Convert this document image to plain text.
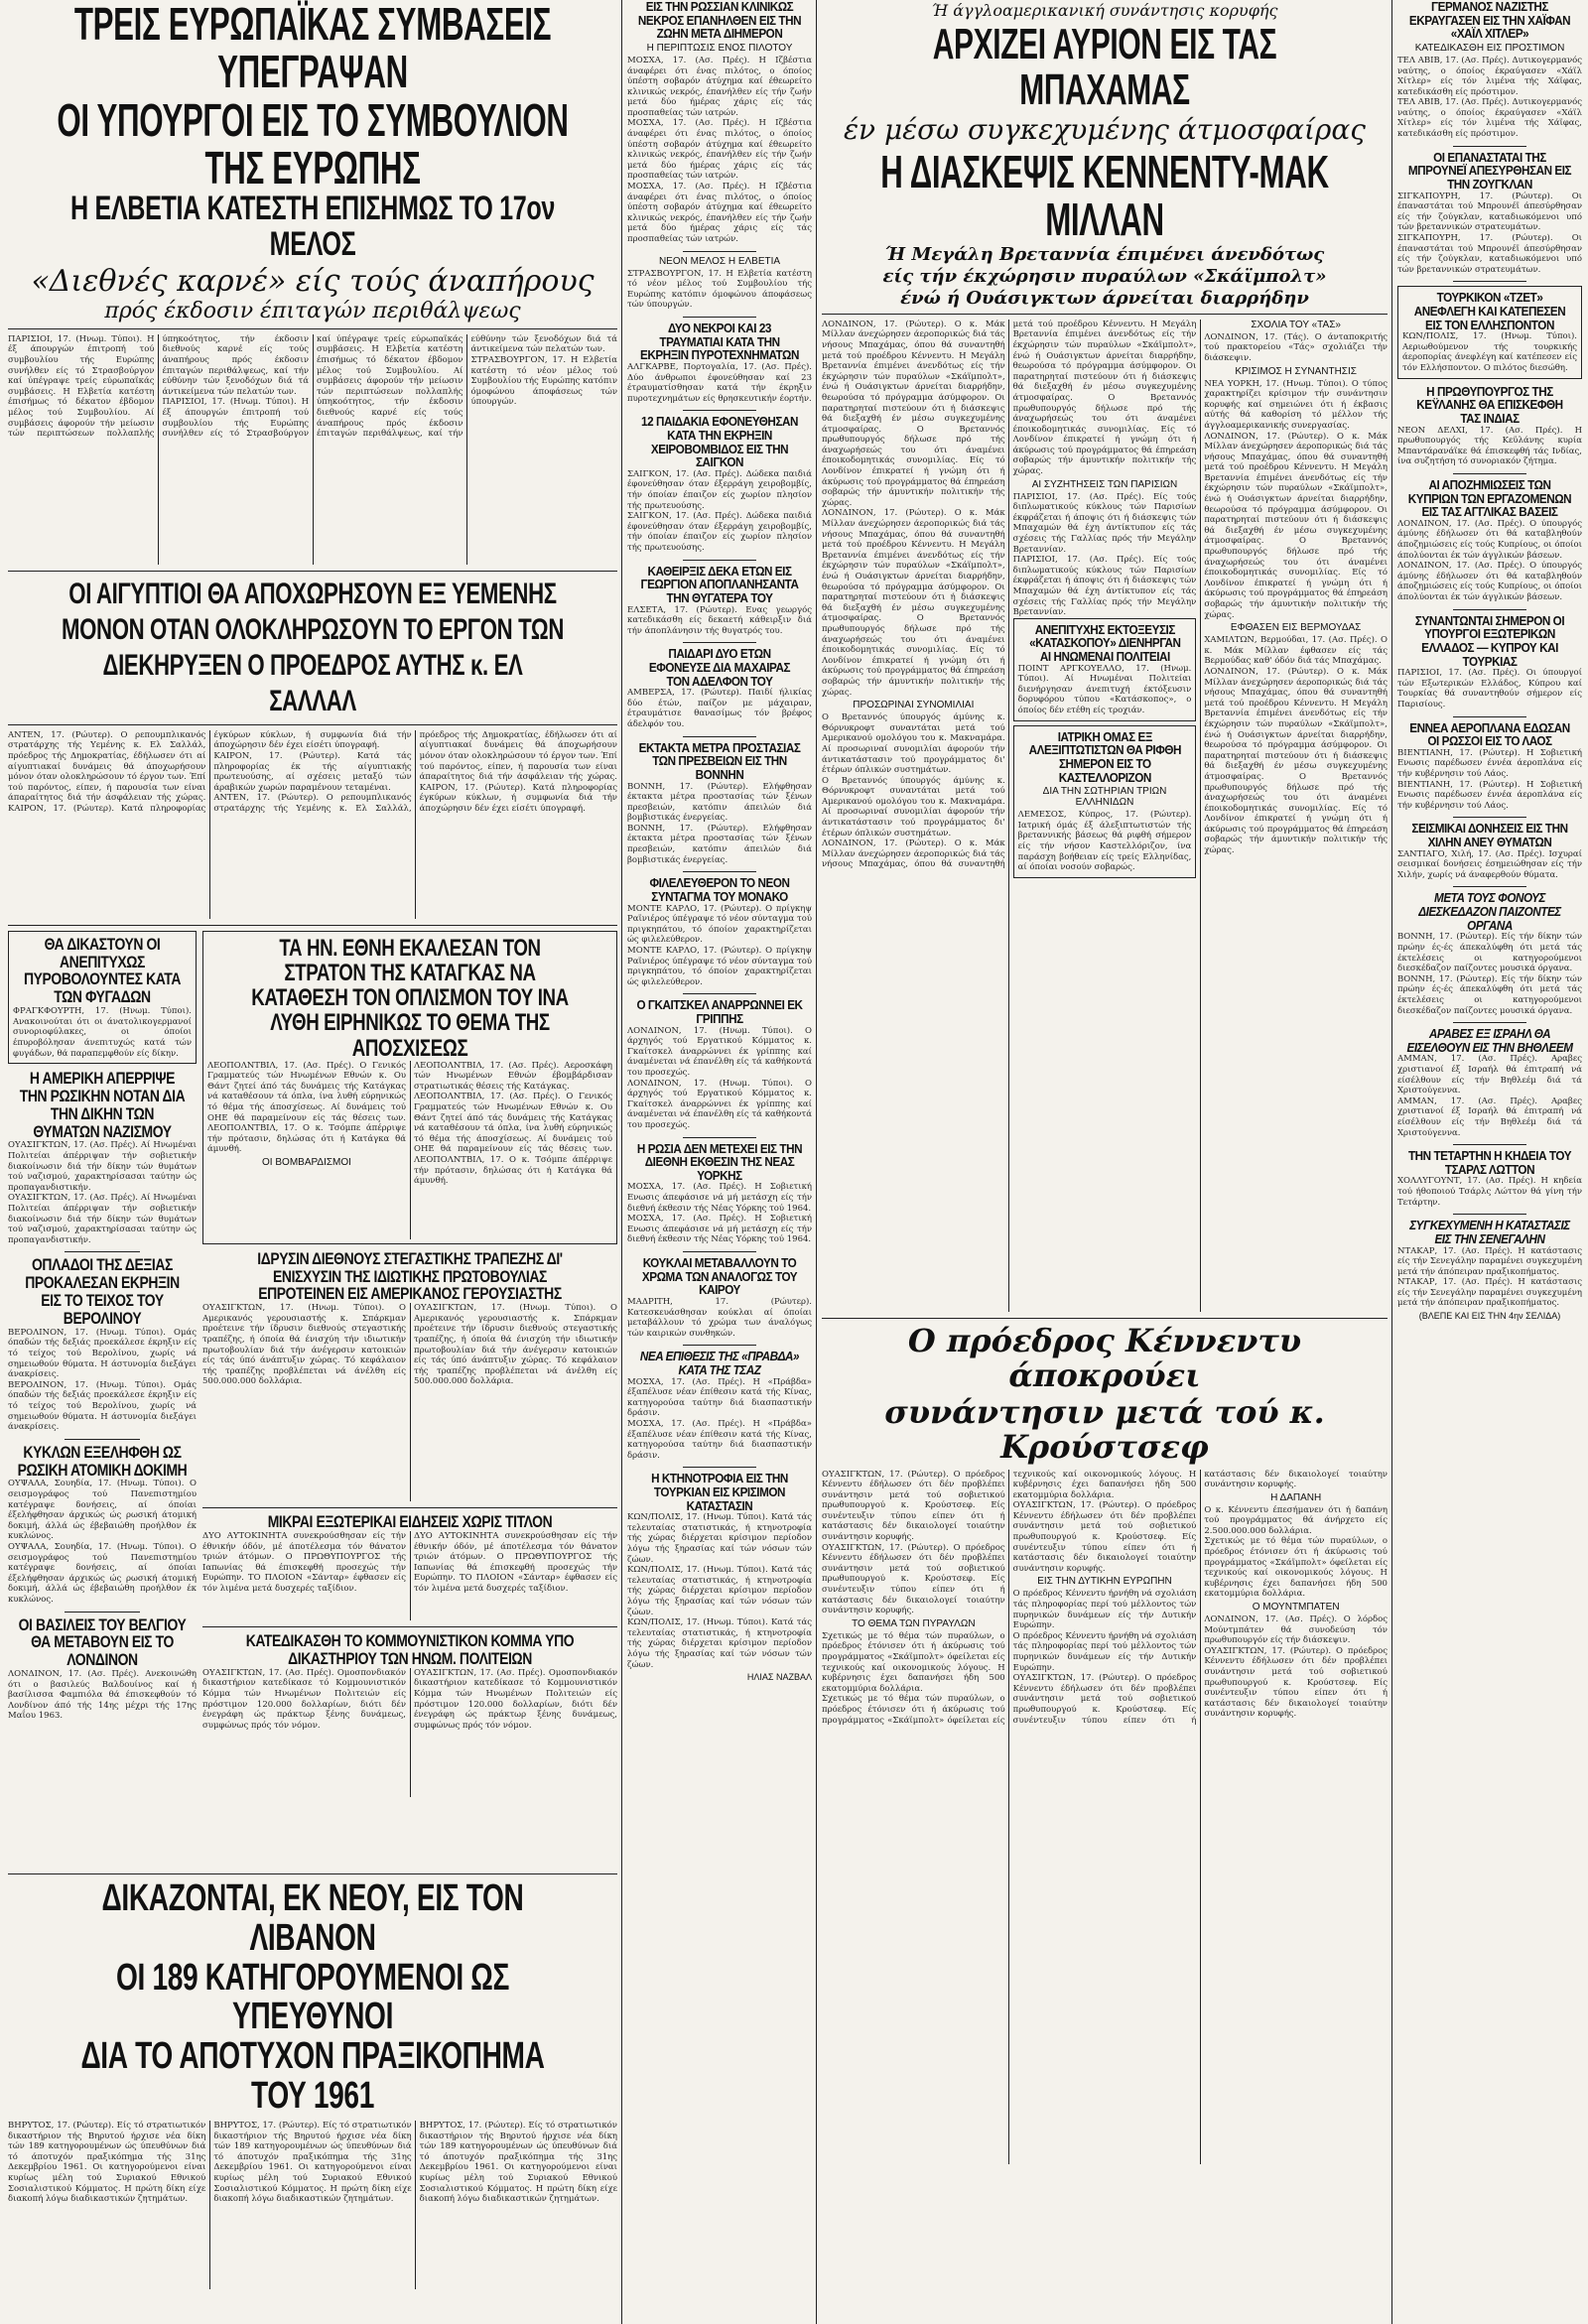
ΤΡΕΙΣ ΕΥΡΩΠΑΪΚΑΣ ΣΥΜΒΑΣΕΙΣ ΥΠΕΓΡΑΨΑΝ
ΟΙ ΥΠΟΥΡΓΟΙ ΕΙΣ ΤΟ ΣΥΜΒΟΥΛΙΟΝ ΤΗΣ ΕΥΡΩΠΗΣ
Η ΕΛΒΕΤΙΑ ΚΑΤΕΣΤΗ ΕΠΙΣΗΜΩΣ ΤΟ 17ον ΜΕΛΟΣ
«Διεθνές καρνέ» είς τούς άναπήρους
πρός έκδοσιν έπιταγών περιθάλψεως

ΠΑΡΙΣΙΟΙ, 17. (Ηνωμ. Τύποι). Η έξ άπουργών έπιτροπή τού συμβουλίου τής Ευρώπης συνήλθεν είς τό Στρασβούργον καί ύπέγραψε τρείς εύρωπαϊκάς συμβάσεις. Η Ελβετία κατέστη έπισήμως τό δέκατον έβδομον μέλος τού Συμβουλίου. Αί συμβάσεις άφορούν τήν μείωσιν τών περιπτώσεων πολλαπλής ύπηκοότητος, τήν έκδοσιν διεθνούς καρνέ είς τούς άναπήρους πρός έκδοσιν έπιταγών περιθάλψεως, καί τήν εύθύνην τών ξενοδόχων διά τά άντικείμενα τών πελατών των.

ΠΑΡΙΣΙΟΙ, 17. (Ηνωμ. Τύποι). Η έξ άπουργών έπιτροπή τού συμβουλίου τής Ευρώπης συνήλθεν είς τό Στρασβούργον καί ύπέγραψε τρείς εύρωπαϊκάς συμβάσεις. Η Ελβετία κατέστη έπισήμως τό δέκατον έβδομον μέλος τού Συμβουλίου. Αί συμβάσεις άφορούν τήν μείωσιν τών περιπτώσεων πολλαπλής ύπηκοότητος, τήν έκδοσιν διεθνούς καρνέ είς τούς άναπήρους πρός έκδοσιν έπιταγών περιθάλψεως, καί τήν εύθύνην τών ξενοδόχων διά τά άντικείμενα τών πελατών των.

ΣΤΡΑΣΒΟΥΡΓΟΝ, 17. Η Ελβετία κατέστη τό νέον μέλος τού Συμβουλίου τής Ευρώπης κατόπιν όμοφώνου άποφάσεως τών ύπουργών.

ΟΙ ΑΙΓΥΠΤΙΟΙ ΘΑ ΑΠΟΧΩΡΗΣΟΥΝ ΕΞ ΥΕΜΕΝΗΣ ΜΟΝΟΝ ΟΤΑΝ ΟΛΟΚΛΗΡΩΣΟΥΝ ΤΟ ΕΡΓΟΝ ΤΩΝ ΔΙΕΚΗΡΥΞΕΝ Ο ΠΡΟΕΔΡΟΣ ΑΥΤΗΣ κ. ΕΛ ΣΑΛΛΑΛ

ΑΝΤΕΝ, 17. (Ρώυτερ). Ο ρεπουμπλικανός στρατάρχης τής Υεμένης κ. Ελ Σαλλάλ, πρόεδρος τής Δημοκρατίας, έδήλωσεν ότι αί αίγυπτιακαί δυνάμεις θά άποχωρήσουν μόνον όταν ολοκληρώσουν τό έργον των. Έπί τού παρόντος, είπεν, ή παρουσία των είναι άπαραίτητος διά τήν άσφάλειαν τής χώρας. ΚΑΙΡΟΝ, 17. (Ρώυτερ). Κατά πληροφορίας έγκύρων κύκλων, ή συμφωνία διά τήν άποχώρησιν δέν έχει είσέτι ύπογραφή.

ΚΑΙΡΟΝ, 17. (Ρώυτερ). Κατά τάς πληροφορίας έκ τής αίγυπτιακής πρωτευούσης, αί σχέσεις μεταξύ τών άραβικών χωρών παραμένουν τεταμέναι.

ΑΝΤΕΝ, 17. (Ρώυτερ). Ο ρεπουμπλικανός στρατάρχης τής Υεμένης κ. Ελ Σαλλάλ, πρόεδρος τής Δημοκρατίας, έδήλωσεν ότι αί αίγυπτιακαί δυνάμεις θά άποχωρήσουν μόνον όταν ολοκληρώσουν τό έργον των. Έπί τού παρόντος, είπεν, ή παρουσία των είναι άπαραίτητος διά τήν άσφάλειαν τής χώρας. ΚΑΙΡΟΝ, 17. (Ρώυτερ). Κατά πληροφορίας έγκύρων κύκλων, ή συμφωνία διά τήν άποχώρησιν δέν έχει είσέτι ύπογραφή.

ΘΑ ΔΙΚΑΣΤΟΥΝ ΟΙ ΑΝΕΠΙΤΥΧΩΣ ΠΥΡΟΒΟΛΟΥΝΤΕΣ ΚΑΤΑ ΤΩΝ ΦΥΓΑΔΩΝ

ΦΡΑΓΚΦΟΥΡΤΗ, 17. (Ηνωμ. Τύποι). Ανακοινούται ότι οι άνατολικογερμανοί συνοριοφύλακες, οι όποίοι έπυροβόλησαν άνεπιτυχώς κατά τών φυγάδων, θά παραπεμφθούν είς δίκην.

Η ΑΜΕΡΙΚΗ ΑΠΕΡΡΙΨΕ ΤΗΝ ΡΩΣΙΚΗΝ ΝΟΤΑΝ ΔΙΑ ΤΗΝ ΔΙΚΗΝ ΤΩΝ ΘΥΜΑΤΩΝ ΝΑΖΙΣΜΟΥ

ΟΥΑΣΙΓΚΤΩΝ, 17. (Ασ. Πρές). Αί Ηνωμέναι Πολιτείαι άπέρριψαν τήν σοβιετικήν διακοίνωσιν διά τήν δίκην τών θυμάτων τού ναζισμού, χαρακτηρίσασαι ταύτην ώς προπαγανδιστικήν.

ΟΥΑΣΙΓΚΤΩΝ, 17. (Ασ. Πρές). Αί Ηνωμέναι Πολιτείαι άπέρριψαν τήν σοβιετικήν διακοίνωσιν διά τήν δίκην τών θυμάτων τού ναζισμού, χαρακτηρίσασαι ταύτην ώς προπαγανδιστικήν.

ΟΠΛΑΔΟΙ ΤΗΣ ΔΕΞΙΑΣ ΠΡΟΚΑΛΕΣΑΝ ΕΚΡΗΞΙΝ ΕΙΣ ΤΟ ΤΕΙΧΟΣ ΤΟΥ ΒΕΡΟΛΙΝΟΥ

ΒΕΡΟΛΙΝΟΝ, 17. (Ηνωμ. Τύποι). Ομάς όπαδών τής δεξιάς προεκάλεσε έκρηξιν είς τό τείχος τού Βερολίνου, χωρίς νά σημειωθούν θύματα. Η άστυνομία διεξάγει άνακρίσεις.

ΒΕΡΟΛΙΝΟΝ, 17. (Ηνωμ. Τύποι). Ομάς όπαδών τής δεξιάς προεκάλεσε έκρηξιν είς τό τείχος τού Βερολίνου, χωρίς νά σημειωθούν θύματα. Η άστυνομία διεξάγει άνακρίσεις.

ΚΥΚΛΩΝ ΕΞΕΛΗΦΘΗ ΩΣ ΡΩΣΙΚΗ ΑΤΟΜΙΚΗ ΔΟΚΙΜΗ

ΟΥΨΑΛΑ, Σουηδία, 17. (Ηνωμ. Τύποι). Ο σεισμογράφος τού Πανεπιστημίου κατέγραψε δονήσεις, αί όποίαι έξελήφθησαν άρχικώς ώς ρωσική άτομική δοκιμή, άλλά ώς έβεβαιώθη προήλθον έκ κυκλώνος.

ΟΥΨΑΛΑ, Σουηδία, 17. (Ηνωμ. Τύποι). Ο σεισμογράφος τού Πανεπιστημίου κατέγραψε δονήσεις, αί όποίαι έξελήφθησαν άρχικώς ώς ρωσική άτομική δοκιμή, άλλά ώς έβεβαιώθη προήλθον έκ κυκλώνος.

ΟΙ ΒΑΣΙΛΕΙΣ ΤΟΥ ΒΕΛΓΙΟΥ ΘΑ ΜΕΤΑΒΟΥΝ ΕΙΣ ΤΟ ΛΟΝΔΙΝΟΝ

ΛΟΝΔΙΝΟΝ, 17. (Ασ. Πρές). Ανεκοινώθη ότι ο βασιλεύς Βαλδουίνος καί ή βασίλισσα Φαμπιόλα θά έπισκεφθούν τό Λονδίνον άπό τής 14ης μέχρι τής 17ης Μαΐου 1963.

ΤΑ ΗΝ. ΕΘΝΗ ΕΚΑΛΕΣΑΝ ΤΟΝ ΣΤΡΑΤΟΝ ΤΗΣ ΚΑΤΑΓΚΑΣ ΝΑ ΚΑΤΑΘΕΣΗ ΤΟΝ ΟΠΛΙΣΜΟΝ ΤΟΥ ΙΝΑ ΛΥΘΗ ΕΙΡΗΝΙΚΩΣ ΤΟ ΘΕΜΑ ΤΗΣ ΑΠΟΣΧΙΣΕΩΣ

ΛΕΟΠΟΛΝΤΒΙΛ, 17. (Ασ. Πρές). Ο Γενικός Γραμματεύς τών Ηνωμένων Εθνών κ. Ου Θάντ ζητεί άπό τάς δυνάμεις τής Κατάγκας νά καταθέσουν τά όπλα, ίνα λυθή εύρηνικώς τό θέμα τής άποσχίσεως. Αί δυνάμεις τού ΟΗΕ θά παραμείνουν είς τάς θέσεις των. ΛΕΟΠΟΛΝΤΒΙΛ, 17. Ο κ. Τσόμπε άπέρριψε τήν πρότασιν, δηλώσας ότι ή Κατάγκα θά άμυνθή.

ΟΙ ΒΟΜΒΑΡΔΙΣΜΟΙ

ΛΕΟΠΟΛΝΤΒΙΛ, 17. (Ασ. Πρές). Αεροσκάφη τών Ηνωμένων Εθνών έβομβάρδισαν στρατιωτικάς θέσεις τής Κατάγκας.

ΛΕΟΠΟΛΝΤΒΙΛ, 17. (Ασ. Πρές). Ο Γενικός Γραμματεύς τών Ηνωμένων Εθνών κ. Ου Θάντ ζητεί άπό τάς δυνάμεις τής Κατάγκας νά καταθέσουν τά όπλα, ίνα λυθή εύρηνικώς τό θέμα τής άποσχίσεως. Αί δυνάμεις τού ΟΗΕ θά παραμείνουν είς τάς θέσεις των. ΛΕΟΠΟΛΝΤΒΙΛ, 17. Ο κ. Τσόμπε άπέρριψε τήν πρότασιν, δηλώσας ότι ή Κατάγκα θά άμυνθή.

ΙΔΡΥΣΙΝ ΔΙΕΘΝΟΥΣ ΣΤΕΓΑΣΤΙΚΗΣ ΤΡΑΠΕΖΗΣ ΔΙ' ΕΝΙΣΧΥΣΙΝ ΤΗΣ ΙΔΙΩΤΙΚΗΣ ΠΡΩΤΟΒΟΥΛΙΑΣ ΕΠΡΟΤΕΙΝΕΝ ΕΙΣ ΑΜΕΡΙΚΑΝΟΣ ΓΕΡΟΥΣΙΑΣΤΗΣ

ΟΥΑΣΙΓΚΤΩΝ, 17. (Ηνωμ. Τύποι). Ο Αμερικανός γερουσιαστής κ. Σπάρκμαν προέτεινε τήν ίδρυσιν διεθνούς στεγαστικής τραπέζης, ή όποία θά ένισχύη τήν ιδιωτικήν πρωτοβουλίαν διά τήν άνέγερσιν κατοικιών είς τάς ύπό άνάπτυξιν χώρας. Τό κεφάλαιον τής τραπέζης προβλέπεται νά άνέλθη είς 500.000.000 δολλάρια.

ΟΥΑΣΙΓΚΤΩΝ, 17. (Ηνωμ. Τύποι). Ο Αμερικανός γερουσιαστής κ. Σπάρκμαν προέτεινε τήν ίδρυσιν διεθνούς στεγαστικής τραπέζης, ή όποία θά ένισχύη τήν ιδιωτικήν πρωτοβουλίαν διά τήν άνέγερσιν κατοικιών είς τάς ύπό άνάπτυξιν χώρας. Τό κεφάλαιον τής τραπέζης προβλέπεται νά άνέλθη είς 500.000.000 δολλάρια.

ΜΙΚΡΑΙ ΕΞΩΤΕΡΙΚΑΙ ΕΙΔΗΣΕΙΣ ΧΩΡΙΣ ΤΙΤΛΟΝ

ΔΥΟ ΑΥΤΟΚΙΝΗΤΑ συνεκρούσθησαν είς τήν έθνικήν όδόν, μέ άποτέλεσμα τόν θάνατον τριών άτόμων. Ο ΠΡΩΘΥΠΟΥΡΓΟΣ τής Ιαπωνίας θά έπισκεφθή προσεχώς τήν Ευρώπην. ΤΟ ΠΛΟΙΟΝ «Σάνταρ» έφθασεν είς τόν λιμένα μετά δυσχερές ταξίδιον.

ΔΥΟ ΑΥΤΟΚΙΝΗΤΑ συνεκρούσθησαν είς τήν έθνικήν όδόν, μέ άποτέλεσμα τόν θάνατον τριών άτόμων. Ο ΠΡΩΘΥΠΟΥΡΓΟΣ τής Ιαπωνίας θά έπισκεφθή προσεχώς τήν Ευρώπην. ΤΟ ΠΛΟΙΟΝ «Σάνταρ» έφθασεν είς τόν λιμένα μετά δυσχερές ταξίδιον.

ΚΑΤΕΔΙΚΑΣΘΗ ΤΟ ΚΟΜΜΟΥΝΙΣΤΙΚΟΝ ΚΟΜΜΑ ΥΠΟ ΔΙΚΑΣΤΗΡΙΟΥ ΤΩΝ ΗΝΩΜ. ΠΟΛΙΤΕΙΩΝ

ΟΥΑΣΙΓΚΤΩΝ, 17. (Ασ. Πρές). Ομοσπονδιακόν δικαστήριον κατεδίκασε τό Κομμουνιστικόν Κόμμα τών Ηνωμένων Πολιτειών είς πρόστιμον 120.000 δολλαρίων, διότι δέν ένεγράφη ώς πράκτωρ ξένης δυνάμεως, συμφώνως πρός τόν νόμον.

ΟΥΑΣΙΓΚΤΩΝ, 17. (Ασ. Πρές). Ομοσπονδιακόν δικαστήριον κατεδίκασε τό Κομμουνιστικόν Κόμμα τών Ηνωμένων Πολιτειών είς πρόστιμον 120.000 δολλαρίων, διότι δέν ένεγράφη ώς πράκτωρ ξένης δυνάμεως, συμφώνως πρός τόν νόμον.

ΔΙΚΑΖΟΝΤΑΙ, ΕΚ ΝΕΟΥ, ΕΙΣ ΤΟΝ ΛΙΒΑΝΟΝ
ΟΙ 189 ΚΑΤΗΓΟΡΟΥΜΕΝΟΙ ΩΣ ΥΠΕΥΘΥΝΟΙ
ΔΙΑ ΤΟ ΑΠΟΤΥΧΟΝ ΠΡΑΞΙΚΟΠΗΜΑ ΤΟΥ 1961

ΒΗΡΥΤΟΣ, 17. (Ρώυτερ). Είς τό στρατιωτικόν δικαστήριον τής Βηρυτού ήρχισε νέα δίκη τών 189 κατηγορουμένων ώς ύπευθύνων διά τό άποτυχόν πραξικόπημα τής 31ης Δεκεμβρίου 1961. Οι κατηγορούμενοι είναι κυρίως μέλη τού Συριακού Εθνικού Σοσιαλιστικού Κόμματος. Η πρώτη δίκη είχε διακοπή λόγω διαδικαστικών ζητημάτων.

ΒΗΡΥΤΟΣ, 17. (Ρώυτερ). Είς τό στρατιωτικόν δικαστήριον τής Βηρυτού ήρχισε νέα δίκη τών 189 κατηγορουμένων ώς ύπευθύνων διά τό άποτυχόν πραξικόπημα τής 31ης Δεκεμβρίου 1961. Οι κατηγορούμενοι είναι κυρίως μέλη τού Συριακού Εθνικού Σοσιαλιστικού Κόμματος. Η πρώτη δίκη είχε διακοπή λόγω διαδικαστικών ζητημάτων.

ΒΗΡΥΤΟΣ, 17. (Ρώυτερ). Είς τό στρατιωτικόν δικαστήριον τής Βηρυτού ήρχισε νέα δίκη τών 189 κατηγορουμένων ώς ύπευθύνων διά τό άποτυχόν πραξικόπημα τής 31ης Δεκεμβρίου 1961. Οι κατηγορούμενοι είναι κυρίως μέλη τού Συριακού Εθνικού Σοσιαλιστικού Κόμματος. Η πρώτη δίκη είχε διακοπή λόγω διαδικαστικών ζητημάτων.

ΕΙΣ ΤΗΝ ΡΩΣΣΙΑΝ ΚΛΙΝΙΚΩΣ ΝΕΚΡΟΣ ΕΠΑΝΗΛΘΕΝ ΕΙΣ ΤΗΝ ΖΩΗΝ ΜΕΤΑ ΔΙΗΜΕΡΟΝ
Η ΠΕΡΙΠΤΩΣΙΣ ΕΝΟΣ ΠΙΛΟΤΟΥ

ΜΟΣΧΑ, 17. (Ασ. Πρές). Η Ιζβέστια άναφέρει ότι ένας πιλότος, ο όποίος ύπέστη σοβαρόν άτύχημα καί έθεωρείτο κλινικώς νεκρός, έπανήλθεν είς τήν ζωήν μετά δύο ήμέρας χάρις είς τάς προσπαθείας τών ιατρών.

ΜΟΣΧΑ, 17. (Ασ. Πρές). Η Ιζβέστια άναφέρει ότι ένας πιλότος, ο όποίος ύπέστη σοβαρόν άτύχημα καί έθεωρείτο κλινικώς νεκρός, έπανήλθεν είς τήν ζωήν μετά δύο ήμέρας χάρις είς τάς προσπαθείας τών ιατρών.

ΜΟΣΧΑ, 17. (Ασ. Πρές). Η Ιζβέστια άναφέρει ότι ένας πιλότος, ο όποίος ύπέστη σοβαρόν άτύχημα καί έθεωρείτο κλινικώς νεκρός, έπανήλθεν είς τήν ζωήν μετά δύο ήμέρας χάρις είς τάς προσπαθείας τών ιατρών.

ΝΕΟΝ ΜΕΛΟΣ Η ΕΛΒΕΤΙΑ

ΣΤΡΑΣΒΟΥΡΓΟΝ, 17. Η Ελβετία κατέστη τό νέον μέλος τού Συμβουλίου τής Ευρώπης κατόπιν όμοφώνου άποφάσεως τών ύπουργών.

ΔΥΟ ΝΕΚΡΟΙ ΚΑΙ 23 ΤΡΑΥΜΑΤΙΑΙ ΚΑΤΑ ΤΗΝ ΕΚΡΗΞΙΝ ΠΥΡΟΤΕΧΝΗΜΑΤΩΝ

ΑΛΓΚΑΡΒΕ, Πορτογαλία, 17. (Ασ. Πρές). Δύο άνθρωποι έφονεύθησαν καί 23 έτραυματίσθησαν κατά τήν έκρηξιν πυροτεχνημάτων είς θρησκευτικήν έορτήν.

12 ΠΑΙΔΑΚΙΑ ΕΦΟΝΕΥΘΗΣΑΝ ΚΑΤΑ ΤΗΝ ΕΚΡΗΞΙΝ ΧΕΙΡΟΒΟΜΒΙΔΟΣ ΕΙΣ ΤΗΝ ΣΑΙΓΚΟΝ

ΣΑΙΓΚΟΝ, 17. (Ασ. Πρές). Δώδεκα παιδιά έφονεύθησαν όταν έξερράγη χειροβομβίς, τήν όποίαν έπαιζον είς χωρίον πλησίον τής πρωτευούσης.

ΣΑΙΓΚΟΝ, 17. (Ασ. Πρές). Δώδεκα παιδιά έφονεύθησαν όταν έξερράγη χειροβομβίς, τήν όποίαν έπαιζον είς χωρίον πλησίον τής πρωτευούσης.

ΚΑΘΕΙΡΞΙΣ ΔΕΚΑ ΕΤΩΝ ΕΙΣ ΓΕΩΡΓΙΟΝ ΑΠΟΠΛΑΝΗΣΑΝΤΑ ΤΗΝ ΘΥΓΑΤΕΡΑ ΤΟΥ

ΕΛΣΕΤΑ, 17. (Ρώυτερ). Ενας γεωργός κατεδικάσθη είς δεκαετή κάθειρξιν διά τήν άποπλάνησιν τής θυγατρός του.

ΠΑΙΔΑΡΙ ΔΥΟ ΕΤΩΝ ΕΦΟΝΕΥΣΕ ΔΙΑ ΜΑΧΑΙΡΑΣ ΤΟΝ ΑΔΕΛΦΟΝ ΤΟΥ

ΑΜΒΕΡΣΑ, 17. (Ρώυτερ). Παιδί ήλικίας δύο έτών, παίζον με μάχαιραν, έτραυμάτισε θανασίμως τόν βρέφος άδελφόν του.

ΕΚΤΑΚΤΑ ΜΕΤΡΑ ΠΡΟΣΤΑΣΙΑΣ ΤΩΝ ΠΡΕΣΒΕΙΩΝ ΕΙΣ ΤΗΝ ΒΟΝΝΗΝ

ΒΟΝΝΗ, 17. (Ρώυτερ). Ελήφθησαν έκτακτα μέτρα προστασίας τών ξένων πρεσβειών, κατόπιν άπειλών διά βομβιστικάς ένεργείας.

ΒΟΝΝΗ, 17. (Ρώυτερ). Ελήφθησαν έκτακτα μέτρα προστασίας τών ξένων πρεσβειών, κατόπιν άπειλών διά βομβιστικάς ένεργείας.

ΦΙΛΕΛΕΥΘΕΡΟΝ ΤΟ ΝΕΟΝ ΣΥΝΤΑΓΜΑ ΤΟΥ ΜΟΝΑΚΟ

ΜΟΝΤΕ ΚΑΡΛΟ, 17. (Ρώυτερ). Ο πρίγκηψ Ραϊνιέρος ύπέγραψε τό νέον σύνταγμα τού πριγκηπάτου, τό όποίον χαρακτηρίζεται ώς φιλελεύθερον.

ΜΟΝΤΕ ΚΑΡΛΟ, 17. (Ρώυτερ). Ο πρίγκηψ Ραϊνιέρος ύπέγραψε τό νέον σύνταγμα τού πριγκηπάτου, τό όποίον χαρακτηρίζεται ώς φιλελεύθερον.

Ο ΓΚΑΙΤΣΚΕΛ ΑΝΑΡΡΩΝΝΕΙ ΕΚ ΓΡΙΠΠΗΣ

ΛΟΝΔΙΝΟΝ, 17. (Ηνωμ. Τύποι). Ο άρχηγός τού Εργατικού Κόμματος κ. Γκαίτσκελ άναρρώννει έκ γρίππης καί άναμένεται νά έπανέλθη είς τά καθήκοντά του προσεχώς.

ΛΟΝΔΙΝΟΝ, 17. (Ηνωμ. Τύποι). Ο άρχηγός τού Εργατικού Κόμματος κ. Γκαίτσκελ άναρρώννει έκ γρίππης καί άναμένεται νά έπανέλθη είς τά καθήκοντά του προσεχώς.

Η ΡΩΣΙΑ ΔΕΝ ΜΕΤΕΧΕΙ ΕΙΣ ΤΗΝ ΔΙΕΘΝΗ ΕΚΘΕΣΙΝ ΤΗΣ ΝΕΑΣ ΥΟΡΚΗΣ

ΜΟΣΧΑ, 17. (Ασ. Πρές). Η Σοβιετική Ενωσις άπεφάσισε νά μή μετάσχη είς τήν διεθνή έκθεσιν τής Νέας Υόρκης τού 1964.

ΜΟΣΧΑ, 17. (Ασ. Πρές). Η Σοβιετική Ενωσις άπεφάσισε νά μή μετάσχη είς τήν διεθνή έκθεσιν τής Νέας Υόρκης τού 1964.

ΚΟΥΚΛΑΙ ΜΕΤΑΒΑΛΛΟΥΝ ΤΟ ΧΡΩΜΑ ΤΩΝ ΑΝΑΛΟΓΩΣ ΤΟΥ ΚΑΙΡΟΥ

ΜΑΔΡΙΤΗ, 17. (Ρώυτερ). Κατεσκευάσθησαν κούκλαι αί όποίαι μεταβάλλουν τό χρώμα των άναλόγως τών καιρικών συνθηκών.

ΝΕΑ ΕΠΙΘΕΣΙΣ ΤΗΣ «ΠΡΑΒΔΑ» ΚΑΤΑ ΤΗΣ ΤΣΑΖ

ΜΟΣΧΑ, 17. (Ασ. Πρές). Η «Πράβδα» έξαπέλυσε νέαν έπίθεσιν κατά τής Κίνας, κατηγορούσα ταύτην διά διασπαστικήν δράσιν.

ΜΟΣΧΑ, 17. (Ασ. Πρές). Η «Πράβδα» έξαπέλυσε νέαν έπίθεσιν κατά τής Κίνας, κατηγορούσα ταύτην διά διασπαστικήν δράσιν.

Η ΚΤΗΝΟΤΡΟΦΙΑ ΕΙΣ ΤΗΝ ΤΟΥΡΚΙΑΝ ΕΙΣ ΚΡΙΣΙΜΟΝ ΚΑΤΑΣΤΑΣΙΝ

ΚΩΝ/ΠΟΛΙΣ, 17. (Ηνωμ. Τύποι). Κατά τάς τελευταίας στατιστικάς, ή κτηνοτροφία τής χώρας διέρχεται κρίσιμον περίοδον λόγω τής ξηρασίας καί τών νόσων τών ζώων.

ΚΩΝ/ΠΟΛΙΣ, 17. (Ηνωμ. Τύποι). Κατά τάς τελευταίας στατιστικάς, ή κτηνοτροφία τής χώρας διέρχεται κρίσιμον περίοδον λόγω τής ξηρασίας καί τών νόσων τών ζώων.

ΚΩΝ/ΠΟΛΙΣ, 17. (Ηνωμ. Τύποι). Κατά τάς τελευταίας στατιστικάς, ή κτηνοτροφία τής χώρας διέρχεται κρίσιμον περίοδον λόγω τής ξηρασίας καί τών νόσων τών ζώων.

ΗΛΙΑΣ ΝΑΖΒΑΛ
Ή άγγλοαμερικανική συνάντησις κορυφής
ΑΡΧΙΖΕΙ ΑΥΡΙΟΝ ΕΙΣ ΤΑΣ ΜΠΑΧΑΜΑΣ
έν μέσω συγκεχυμένης άτμοσφαίρας
Η ΔΙΑΣΚΕΨΙΣ ΚΕΝΝΕΝΤΥ-ΜΑΚ ΜΙΛΛΑΝ
Ή Μεγάλη Βρεταννία έπιμένει άνενδότως
είς τήν έκχώρησιν πυραύλων «Σκάϊμπολτ»
ένώ ή Ουάσιγκτων άρνείται διαρρήδην

ΛΟΝΔΙΝΟΝ, 17. (Ρώυτερ). Ο κ. Μάκ Μίλλαν άνεχώρησεν άεροπορικώς διά τάς νήσους Μπαχάμας, όπου θά συναντηθή μετά τού προέδρου Κέννεντυ. Η Μεγάλη Βρεταννία έπιμένει άνενδότως είς τήν έκχώρησιν τών πυραύλων «Σκάϊμπολτ», ένώ ή Ουάσιγκτων άρνείται διαρρήδην, θεωρούσα τό πρόγραμμα άσύμφορον. Οι παρατηρηταί πιστεύουν ότι ή διάσκεψις θά διεξαχθή έν μέσω συγκεχυμένης άτμοσφαίρας. Ο Βρεταννός πρωθυπουργός δήλωσε πρό τής άναχωρήσεώς του ότι άναμένει έποικοδομητικάς συνομιλίας. Είς τό Λονδίνον έπικρατεί ή γνώμη ότι ή άκύρωσις τού προγράμματος θά έπηρεάση σοβαρώς τήν άμυντικήν πολιτικήν τής χώρας.

ΛΟΝΔΙΝΟΝ, 17. (Ρώυτερ). Ο κ. Μάκ Μίλλαν άνεχώρησεν άεροπορικώς διά τάς νήσους Μπαχάμας, όπου θά συναντηθή μετά τού προέδρου Κέννεντυ. Η Μεγάλη Βρεταννία έπιμένει άνενδότως είς τήν έκχώρησιν τών πυραύλων «Σκάϊμπολτ», ένώ ή Ουάσιγκτων άρνείται διαρρήδην, θεωρούσα τό πρόγραμμα άσύμφορον. Οι παρατηρηταί πιστεύουν ότι ή διάσκεψις θά διεξαχθή έν μέσω συγκεχυμένης άτμοσφαίρας. Ο Βρεταννός πρωθυπουργός δήλωσε πρό τής άναχωρήσεώς του ότι άναμένει έποικοδομητικάς συνομιλίας. Είς τό Λονδίνον έπικρατεί ή γνώμη ότι ή άκύρωσις τού προγράμματος θά έπηρεάση σοβαρώς τήν άμυντικήν πολιτικήν τής χώρας.

ΠΡΟΣΩΡΙΝΑΙ ΣΥΝΟΜΙΛΙΑΙ

Ο Βρεταννός ύπουργός άμύνης κ. Θόρνυκροφτ συναντάται μετά τού Αμερικανού ομολόγου του κ. Μακναμάρα. Αί προσωριναί συνομιλίαι άφορούν τήν άντικατάστασιν τού προγράμματος δι' έτέρων όπλικών συστημάτων.

Ο Βρεταννός ύπουργός άμύνης κ. Θόρνυκροφτ συναντάται μετά τού Αμερικανού ομολόγου του κ. Μακναμάρα. Αί προσωριναί συνομιλίαι άφορούν τήν άντικατάστασιν τού προγράμματος δι' έτέρων όπλικών συστημάτων.

ΛΟΝΔΙΝΟΝ, 17. (Ρώυτερ). Ο κ. Μάκ Μίλλαν άνεχώρησεν άεροπορικώς διά τάς νήσους Μπαχάμας, όπου θά συναντηθή μετά τού προέδρου Κέννεντυ. Η Μεγάλη Βρεταννία έπιμένει άνενδότως είς τήν έκχώρησιν τών πυραύλων «Σκάϊμπολτ», ένώ ή Ουάσιγκτων άρνείται διαρρήδην, θεωρούσα τό πρόγραμμα άσύμφορον. Οι παρατηρηταί πιστεύουν ότι ή διάσκεψις θά διεξαχθή έν μέσω συγκεχυμένης άτμοσφαίρας. Ο Βρεταννός πρωθυπουργός δήλωσε πρό τής άναχωρήσεώς του ότι άναμένει έποικοδομητικάς συνομιλίας. Είς τό Λονδίνον έπικρατεί ή γνώμη ότι ή άκύρωσις τού προγράμματος θά έπηρεάση σοβαρώς τήν άμυντικήν πολιτικήν τής χώρας.

ΑΙ ΣΥΖΗΤΗΣΕΙΣ ΤΩΝ ΠΑΡΙΣΙΩΝ

ΠΑΡΙΣΙΟΙ, 17. (Ασ. Πρές). Είς τούς διπλωματικούς κύκλους τών Παρισίων έκφράζεται ή άποψις ότι ή διάσκεψις τών Μπαχαμών θά έχη άντίκτυπον είς τάς σχέσεις τής Γαλλίας πρός τήν Μεγάλην Βρεταννίαν.

ΠΑΡΙΣΙΟΙ, 17. (Ασ. Πρές). Είς τούς διπλωματικούς κύκλους τών Παρισίων έκφράζεται ή άποψις ότι ή διάσκεψις τών Μπαχαμών θά έχη άντίκτυπον είς τάς σχέσεις τής Γαλλίας πρός τήν Μεγάλην Βρεταννίαν.

ΑΝΕΠΙΤΥΧΗΣ ΕΚΤΟΞΕΥΣΙΣ «ΚΑΤΑΣΚΟΠΟΥ» ΔΙΕΝΗΡΓΑΝ ΑΙ ΗΝΩΜΕΝΑΙ ΠΟΛΙΤΕΙΑΙ

ΠΟΙΝΤ ΑΡΓΚΟΥΕΛΛΟ, 17. (Ηνωμ. Τύποι). Αί Ηνωμέναι Πολιτείαι διενήργησαν άνεπιτυχή έκτόξευσιν δορυφόρου τύπου «Κατάσκοπος», ο όποίος δέν ετέθη είς τροχιάν.

ΙΑΤΡΙΚΗ ΟΜΑΣ ΕΞ ΑΛΕΞΙΠΤΩΤΙΣΤΩΝ ΘΑ ΡΙΦΘΗ ΣΗΜΕΡΟΝ ΕΙΣ ΤΟ ΚΑΣΤΕΛΛΟΡΙΖΟΝ
ΔΙΑ ΤΗΝ ΣΩΤΗΡΙΑΝ ΤΡΙΩΝ ΕΛΛΗΝΙΔΩΝ

ΛΕΜΕΣΟΣ, Κύπρος, 17. (Ρώυτερ). Ιατρική όμάς έξ άλεξιπτωτιστών τής βρεταννικής βάσεως θά ριφθή σήμερον είς τήν νήσον Καστελλόριζον, ίνα παράσχη βοήθειαν είς τρείς Ελληνίδας, αί όποίαι νοσούν σοβαρώς.

ΣΧΟΛΙΑ ΤΟΥ «ΤΑΣ»

ΛΟΝΔΙΝΟΝ, 17. (Τάς). Ο άνταποκριτής τού πρακτορείου «Τάς» σχολιάζει τήν διάσκεψιν.

ΚΡΙΣΙΜΟΣ Η ΣΥΝΑΝΤΗΣΙΣ

ΝΕΑ ΥΟΡΚΗ, 17. (Ηνωμ. Τύποι). Ο τύπος χαρακτηρίζει κρίσιμον τήν συνάντησιν κορυφής καί σημειώνει ότι ή έκβασις αύτής θά καθορίση τό μέλλον τής άγγλοαμερικανικής συνεργασίας.

ΛΟΝΔΙΝΟΝ, 17. (Ρώυτερ). Ο κ. Μάκ Μίλλαν άνεχώρησεν άεροπορικώς διά τάς νήσους Μπαχάμας, όπου θά συναντηθή μετά τού προέδρου Κέννεντυ. Η Μεγάλη Βρεταννία έπιμένει άνενδότως είς τήν έκχώρησιν τών πυραύλων «Σκάϊμπολτ», ένώ ή Ουάσιγκτων άρνείται διαρρήδην, θεωρούσα τό πρόγραμμα άσύμφορον. Οι παρατηρηταί πιστεύουν ότι ή διάσκεψις θά διεξαχθή έν μέσω συγκεχυμένης άτμοσφαίρας. Ο Βρεταννός πρωθυπουργός δήλωσε πρό τής άναχωρήσεώς του ότι άναμένει έποικοδομητικάς συνομιλίας. Είς τό Λονδίνον έπικρατεί ή γνώμη ότι ή άκύρωσις τού προγράμματος θά έπηρεάση σοβαρώς τήν άμυντικήν πολιτικήν τής χώρας.

ΕΦΘΑΣΕΝ ΕΙΣ ΒΕΡΜΟΥΔΑΣ

ΧΑΜΙΛΤΩΝ, Βερμούδαι, 17. (Ασ. Πρές). Ο κ. Μάκ Μίλλαν έφθασεν είς τάς Βερμούδας καθ' όδόν διά τάς Μπαχάμας.

ΛΟΝΔΙΝΟΝ, 17. (Ρώυτερ). Ο κ. Μάκ Μίλλαν άνεχώρησεν άεροπορικώς διά τάς νήσους Μπαχάμας, όπου θά συναντηθή μετά τού προέδρου Κέννεντυ. Η Μεγάλη Βρεταννία έπιμένει άνενδότως είς τήν έκχώρησιν τών πυραύλων «Σκάϊμπολτ», ένώ ή Ουάσιγκτων άρνείται διαρρήδην, θεωρούσα τό πρόγραμμα άσύμφορον. Οι παρατηρηταί πιστεύουν ότι ή διάσκεψις θά διεξαχθή έν μέσω συγκεχυμένης άτμοσφαίρας. Ο Βρεταννός πρωθυπουργός δήλωσε πρό τής άναχωρήσεώς του ότι άναμένει έποικοδομητικάς συνομιλίας. Είς τό Λονδίνον έπικρατεί ή γνώμη ότι ή άκύρωσις τού προγράμματος θά έπηρεάση σοβαρώς τήν άμυντικήν πολιτικήν τής χώρας.

Ο πρόεδρος Κέννεντυ άποκρούει
συνάντησιν μετά τού κ. Κρούστσεφ

ΟΥΑΣΙΓΚΤΩΝ, 17. (Ρώυτερ). Ο πρόεδρος Κέννεντυ έδήλωσεν ότι δέν προβλέπει συνάντησιν μετά τού σοβιετικού πρωθυπουργού κ. Κρούστσεφ. Είς συνέντευξιν τύπου είπεν ότι ή κατάστασις δέν δικαιολογεί τοιαύτην συνάντησιν κορυφής.

ΟΥΑΣΙΓΚΤΩΝ, 17. (Ρώυτερ). Ο πρόεδρος Κέννεντυ έδήλωσεν ότι δέν προβλέπει συνάντησιν μετά τού σοβιετικού πρωθυπουργού κ. Κρούστσεφ. Είς συνέντευξιν τύπου είπεν ότι ή κατάστασις δέν δικαιολογεί τοιαύτην συνάντησιν κορυφής.

ΤΟ ΘΕΜΑ ΤΩΝ ΠΥΡΑΥΛΩΝ

Σχετικώς με τό θέμα τών πυραύλων, ο πρόεδρος έτόνισεν ότι ή άκύρωσις τού προγράμματος «Σκάϊμπολτ» όφείλεται είς τεχνικούς καί οικονομικούς λόγους. Η κυβέρνησις έχει δαπανήσει ήδη 500 εκατομμύρια δολλάρια.

Σχετικώς με τό θέμα τών πυραύλων, ο πρόεδρος έτόνισεν ότι ή άκύρωσις τού προγράμματος «Σκάϊμπολτ» όφείλεται είς τεχνικούς καί οικονομικούς λόγους. Η κυβέρνησις έχει δαπανήσει ήδη 500 εκατομμύρια δολλάρια.

ΟΥΑΣΙΓΚΤΩΝ, 17. (Ρώυτερ). Ο πρόεδρος Κέννεντυ έδήλωσεν ότι δέν προβλέπει συνάντησιν μετά τού σοβιετικού πρωθυπουργού κ. Κρούστσεφ. Είς συνέντευξιν τύπου είπεν ότι ή κατάστασις δέν δικαιολογεί τοιαύτην συνάντησιν κορυφής.

ΕΙΣ ΤΗΝ ΔΥΤΙΚΗΝ ΕΥΡΩΠΗΝ

Ο πρόεδρος Κέννεντυ ήρνήθη νά σχολιάση τάς πληροφορίας περί τού μέλλοντος τών πυρηνικών δυνάμεων είς τήν Δυτικήν Ευρώπην.

Ο πρόεδρος Κέννεντυ ήρνήθη νά σχολιάση τάς πληροφορίας περί τού μέλλοντος τών πυρηνικών δυνάμεων είς τήν Δυτικήν Ευρώπην.

ΟΥΑΣΙΓΚΤΩΝ, 17. (Ρώυτερ). Ο πρόεδρος Κέννεντυ έδήλωσεν ότι δέν προβλέπει συνάντησιν μετά τού σοβιετικού πρωθυπουργού κ. Κρούστσεφ. Είς συνέντευξιν τύπου είπεν ότι ή κατάστασις δέν δικαιολογεί τοιαύτην συνάντησιν κορυφής.

Η ΔΑΠΑΝΗ

Ο κ. Κέννεντυ έπεσήμανεν ότι ή δαπάνη τού προγράμματος θά άνήρχετο είς 2.500.000.000 δολλάρια.

Σχετικώς με τό θέμα τών πυραύλων, ο πρόεδρος έτόνισεν ότι ή άκύρωσις τού προγράμματος «Σκάϊμπολτ» όφείλεται είς τεχνικούς καί οικονομικούς λόγους. Η κυβέρνησις έχει δαπανήσει ήδη 500 εκατομμύρια δολλάρια.

Ο ΜΟΥΝΤΜΠΑΤΕΝ

ΛΟΝΔΙΝΟΝ, 17. (Ασ. Πρές). Ο λόρδος Μούντμπάτεν θά συνοδεύση τόν πρωθυπουργόν είς τήν διάσκεψιν.

ΟΥΑΣΙΓΚΤΩΝ, 17. (Ρώυτερ). Ο πρόεδρος Κέννεντυ έδήλωσεν ότι δέν προβλέπει συνάντησιν μετά τού σοβιετικού πρωθυπουργού κ. Κρούστσεφ. Είς συνέντευξιν τύπου είπεν ότι ή κατάστασις δέν δικαιολογεί τοιαύτην συνάντησιν κορυφής.

ΓΕΡΜΑΝΟΣ ΝΑΖΙΣΤΗΣ ΕΚΡΑΥΓΑΣΕΝ ΕΙΣ ΤΗΝ ΧΑΪΦΑΝ «ΧΑΪΛ ΧΙΤΛΕΡ»
ΚΑΤΕΔΙΚΑΣΘΗ ΕΙΣ ΠΡΟΣΤΙΜΟΝ

ΤΕΛ ΑΒΙΒ, 17. (Ασ. Πρές). Δυτικογερμανός ναύτης, ο όποίος έκραύγασεν «Χάϊλ Χίτλερ» είς τόν λιμένα τής Χάϊφας, κατεδικάσθη είς πρόστιμον.

ΤΕΛ ΑΒΙΒ, 17. (Ασ. Πρές). Δυτικογερμανός ναύτης, ο όποίος έκραύγασεν «Χάϊλ Χίτλερ» είς τόν λιμένα τής Χάϊφας, κατεδικάσθη είς πρόστιμον.

ΟΙ ΕΠΑΝΑΣΤΑΤΑΙ ΤΗΣ ΜΠΡΟΥΝΕΪ ΑΠΕΣΥΡΘΗΣΑΝ ΕΙΣ ΤΗΝ ΖΟΥΓΚΛΑΝ

ΣΙΓΚΑΠΟΥΡΗ, 17. (Ρώυτερ). Οι έπαναστάται τού Μπρουνέϊ άπεσύρθησαν είς τήν ζούγκλαν, καταδιωκόμενοι υπό τών βρεταννικών στρατευμάτων.

ΣΙΓΚΑΠΟΥΡΗ, 17. (Ρώυτερ). Οι έπαναστάται τού Μπρουνέϊ άπεσύρθησαν είς τήν ζούγκλαν, καταδιωκόμενοι υπό τών βρεταννικών στρατευμάτων.

ΤΟΥΡΚΙΚΟΝ «ΤΖΕΤ» ΑΝΕΦΛΕΓΗ ΚΑΙ ΚΑΤΕΠΕΣΕΝ ΕΙΣ ΤΟΝ ΕΛΛΗΣΠΟΝΤΟΝ

ΚΩΝ/ΠΟΛΙΣ, 17. (Ηνωμ. Τύποι). Αεριωθούμενον τής τουρκικής άεροπορίας άνεφλέγη καί κατέπεσεν είς τόν Ελλήσποντον. Ο πιλότος διεσώθη.

Η ΠΡΩΘΥΠΟΥΡΓΟΣ ΤΗΣ ΚΕΫΛΑΝΗΣ ΘΑ ΕΠΙΣΚΕΦΘΗ ΤΑΣ ΙΝΔΙΑΣ

ΝΕΟΝ ΔΕΛΧΙ, 17. (Ασ. Πρές). Η πρωθυπουργός τής Κεϋλάνης κυρία Μπαντάρανάϊκε θά έπισκεφθή τάς Ινδίας, ίνα συζητήση τό συνοριακόν ζήτημα.

ΑΙ ΑΠΟΖΗΜΙΩΣΕΙΣ ΤΩΝ ΚΥΠΡΙΩΝ ΤΩΝ ΕΡΓΑΖΟΜΕΝΩΝ ΕΙΣ ΤΑΣ ΑΓΓΛΙΚΑΣ ΒΑΣΕΙΣ

ΛΟΝΔΙΝΟΝ, 17. (Ασ. Πρές). Ο ύπουργός άμύνης έδήλωσεν ότι θά καταβληθούν άποζημιώσεις είς τούς Κυπρίους, οι όποίοι άπολύονται έκ τών άγγλικών βάσεων.

ΛΟΝΔΙΝΟΝ, 17. (Ασ. Πρές). Ο ύπουργός άμύνης έδήλωσεν ότι θά καταβληθούν άποζημιώσεις είς τούς Κυπρίους, οι όποίοι άπολύονται έκ τών άγγλικών βάσεων.

ΣΥΝΑΝΤΩΝΤΑΙ ΣΗΜΕΡΟΝ ΟΙ ΥΠΟΥΡΓΟΙ ΕΞΩΤΕΡΙΚΩΝ ΕΛΛΑΔΟΣ — ΚΥΠΡΟΥ ΚΑΙ ΤΟΥΡΚΙΑΣ

ΠΑΡΙΣΙΟΙ, 17. (Ασ. Πρές). Οι ύπουργοί τών Εξωτερικών Ελλάδος, Κύπρου καί Τουρκίας θά συναντηθούν σήμερον είς Παρισίους.

ΕΝΝΕΑ ΑΕΡΟΠΛΑΝΑ ΕΔΩΣΑΝ ΟΙ ΡΩΣΣΟΙ ΕΙΣ ΤΟ ΛΑΟΣ

ΒΙΕΝΤΙΑΝΗ, 17. (Ρώυτερ). Η Σοβιετική Ενωσις παρέδωσεν έννέα άεροπλάνα είς τήν κυβέρνησιν τού Λάος.

ΒΙΕΝΤΙΑΝΗ, 17. (Ρώυτερ). Η Σοβιετική Ενωσις παρέδωσεν έννέα άεροπλάνα είς τήν κυβέρνησιν τού Λάος.

ΣΕΙΣΜΙΚΑΙ ΔΟΝΗΣΕΙΣ ΕΙΣ ΤΗΝ ΧΙΛΗΝ ΑΝΕΥ ΘΥΜΑΤΩΝ

ΣΑΝΤΙΑΓΟ, Χιλή, 17. (Ασ. Πρές). Ισχυραί σεισμικαί δονήσεις έσημειώθησαν είς τήν Χιλήν, χωρίς νά άναφερθούν θύματα.

ΜΕΤΑ ΤΟΥΣ ΦΟΝΟΥΣ ΔΙΕΣΚΕΔΑΖΟΝ ΠΑΙΖΟΝΤΕΣ ΟΡΓΑΝΑ

ΒΟΝΝΗ, 17. (Ρώυτερ). Είς τήν δίκην τών πρώην ές-ές άπεκαλύφθη ότι μετά τάς έκτελέσεις οι κατηγορούμενοι διεσκέδαζον παίζοντες μουσικά όργανα.

ΒΟΝΝΗ, 17. (Ρώυτερ). Είς τήν δίκην τών πρώην ές-ές άπεκαλύφθη ότι μετά τάς έκτελέσεις οι κατηγορούμενοι διεσκέδαζον παίζοντες μουσικά όργανα.

ΑΡΑΒΕΣ ΕΞ ΙΣΡΑΗΛ ΘΑ ΕΙΣΕΛΘΟΥΝ ΕΙΣ ΤΗΝ ΒΗΘΛΕΕΜ

ΑΜΜΑΝ, 17. (Ασ. Πρές). Αραβες χριστιανοί έξ Ισραήλ θά έπιτραπή νά είσέλθουν είς τήν Βηθλεέμ διά τά Χριστούγεννα.

ΑΜΜΑΝ, 17. (Ασ. Πρές). Αραβες χριστιανοί έξ Ισραήλ θά έπιτραπή νά είσέλθουν είς τήν Βηθλεέμ διά τά Χριστούγεννα.

ΤΗΝ ΤΕΤΑΡΤΗΝ Η ΚΗΔΕΙΑ ΤΟΥ ΤΣΑΡΛΣ ΛΩΤΤΟΝ

ΧΟΛΛΥΓΟΥΝΤ, 17. (Ασ. Πρές). Η κηδεία τού ήθοποιού Τσάρλς Λώττον θά γίνη τήν Τετάρτην.

ΣΥΓΚΕΧΥΜΕΝΗ Η ΚΑΤΑΣΤΑΣΙΣ ΕΙΣ ΤΗΝ ΣΕΝΕΓΑΛΗΝ

ΝΤΑΚΑΡ, 17. (Ασ. Πρές). Η κατάστασις είς τήν Σενεγάλην παραμένει συγκεχυμένη μετά τήν άπόπειραν πραξικοπήματος.

ΝΤΑΚΑΡ, 17. (Ασ. Πρές). Η κατάστασις είς τήν Σενεγάλην παραμένει συγκεχυμένη μετά τήν άπόπειραν πραξικοπήματος.

(ΒΛΕΠΕ ΚΑΙ ΕΙΣ ΤΗΝ 4ην ΣΕΛΙΔΑ)
